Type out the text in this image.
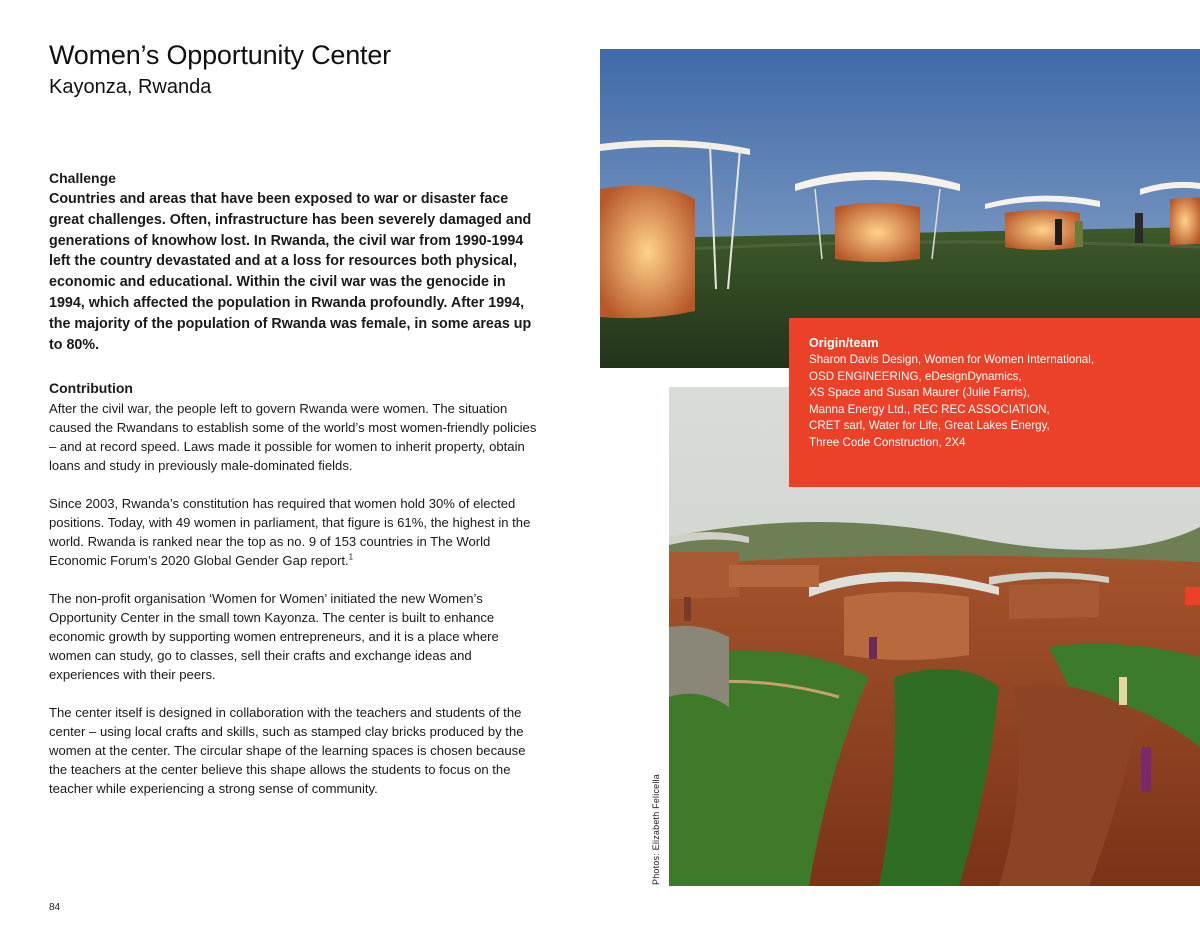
Women’s Opportunity Center
Kayonza, Rwanda
Challenge

Countries and areas that have been exposed to war or disaster face great challenges. Often, infrastructure has been severely damaged and generations of knowhow lost. In Rwanda, the civil war from 1990-1994 left the country devastated and at a loss for resources both physical, economic and educational. Within the civil war was the genocide in 1994, which affected the population in Rwanda profoundly. After 1994, the majority of the population of Rwanda was female, in some areas up to 80%.

Contribution

After the civil war, the people left to govern Rwanda were women. The situation caused the Rwandans to establish some of the world’s most women-friendly policies – and at record speed. Laws made it possible for women to inherit property, obtain loans and study in previously male-dominated fields.

Since 2003, Rwanda’s constitution has required that women hold 30% of elected positions. Today, with 49 women in parliament, that figure is 61%, the highest in the world. Rwanda is ranked near the top as no. 9 of 153 countries in The World Economic Forum’s 2020 Global Gender Gap report.$^1$

The non-profit organisation ‘Women for Women’ initiated the new Women’s Opportunity Center in the small town Kayonza. The center is built to enhance economic growth by supporting women entrepreneurs, and it is a place where women can study, go to classes, sell their crafts and exchange ideas and experiences with their peers.

The center itself is designed in collaboration with the teachers and students of the center – using local crafts and skills, such as stamped clay bricks produced by the women at the center. The circular shape of the learning spaces is chosen because the teachers at the center believe this shape allows the students to focus on the teacher while experiencing a strong sense of community.

84
Origin/team
Sharon Davis Design, Women for Women International,
OSD ENGINEERING, eDesignDynamics,
XS Space and Susan Maurer (Julie Farris),
Manna Energy Ltd., REC REC ASSOCIATION,
CRET sarl, Water for Life, Great Lakes Energy,
Three Code Construction, 2X4
Photos: Elizabeth Felicella
